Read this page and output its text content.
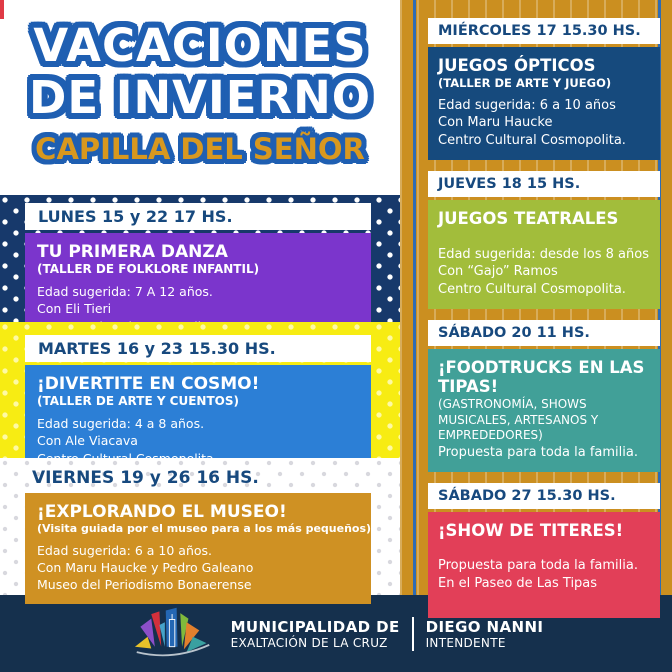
VACACIONES
DE INVIERNO
CAPILLA DEL SEÑOR
LUNES 15 y 22 17 HS.
TU PRIMERA DANZA
(TALLER DE FOLKLORE INFANTIL)
Edad sugerida: 7 A 12 años.
Con Eli Tieri
MARTES 16 y 23 15.30 HS.
¡DIVERTITE EN COSMO!
(TALLER DE ARTE Y CUENTOS)
Edad sugerida: 4 a 8 años.
Con Ale Viacava
VIERNES 19 y 26 16 HS.
¡EXPLORANDO EL MUSEO!
(Visita guiada por el museo para a los más pequeños)
Edad sugerida: 6 a 10 años.
Con Maru Haucke y Pedro Galeano
Museo del Periodismo Bonaerense
MIÉRCOLES 17 15.30 HS.
JUEGOS ÓPTICOS
(TALLER DE ARTE Y JUEGO)
Edad sugerida: 6 a 10 años
Con Maru Haucke
Centro Cultural Cosmopolita.
JUEVES 18 15 HS.
JUEGOS TEATRALES
Edad sugerida: desde los 8 años
Con “Gajo” Ramos
Centro Cultural Cosmopolita.
SÁBADO 20 11 HS.
¡FOODTRUCKS EN LAS TIPAS!
(GASTRONOMÍA, SHOWS MUSICALES, ARTESANOS Y EMPREDEDORES)
Propuesta para toda la familia.
SÁBADO 27 15.30 HS.
¡SHOW DE TITERES!
Propuesta para toda la familia.
En el Paseo de Las Tipas
MUNICIPALIDAD DE
EXALTACIÓN DE LA CRUZ
DIEGO NANNI
INTENDENTE
